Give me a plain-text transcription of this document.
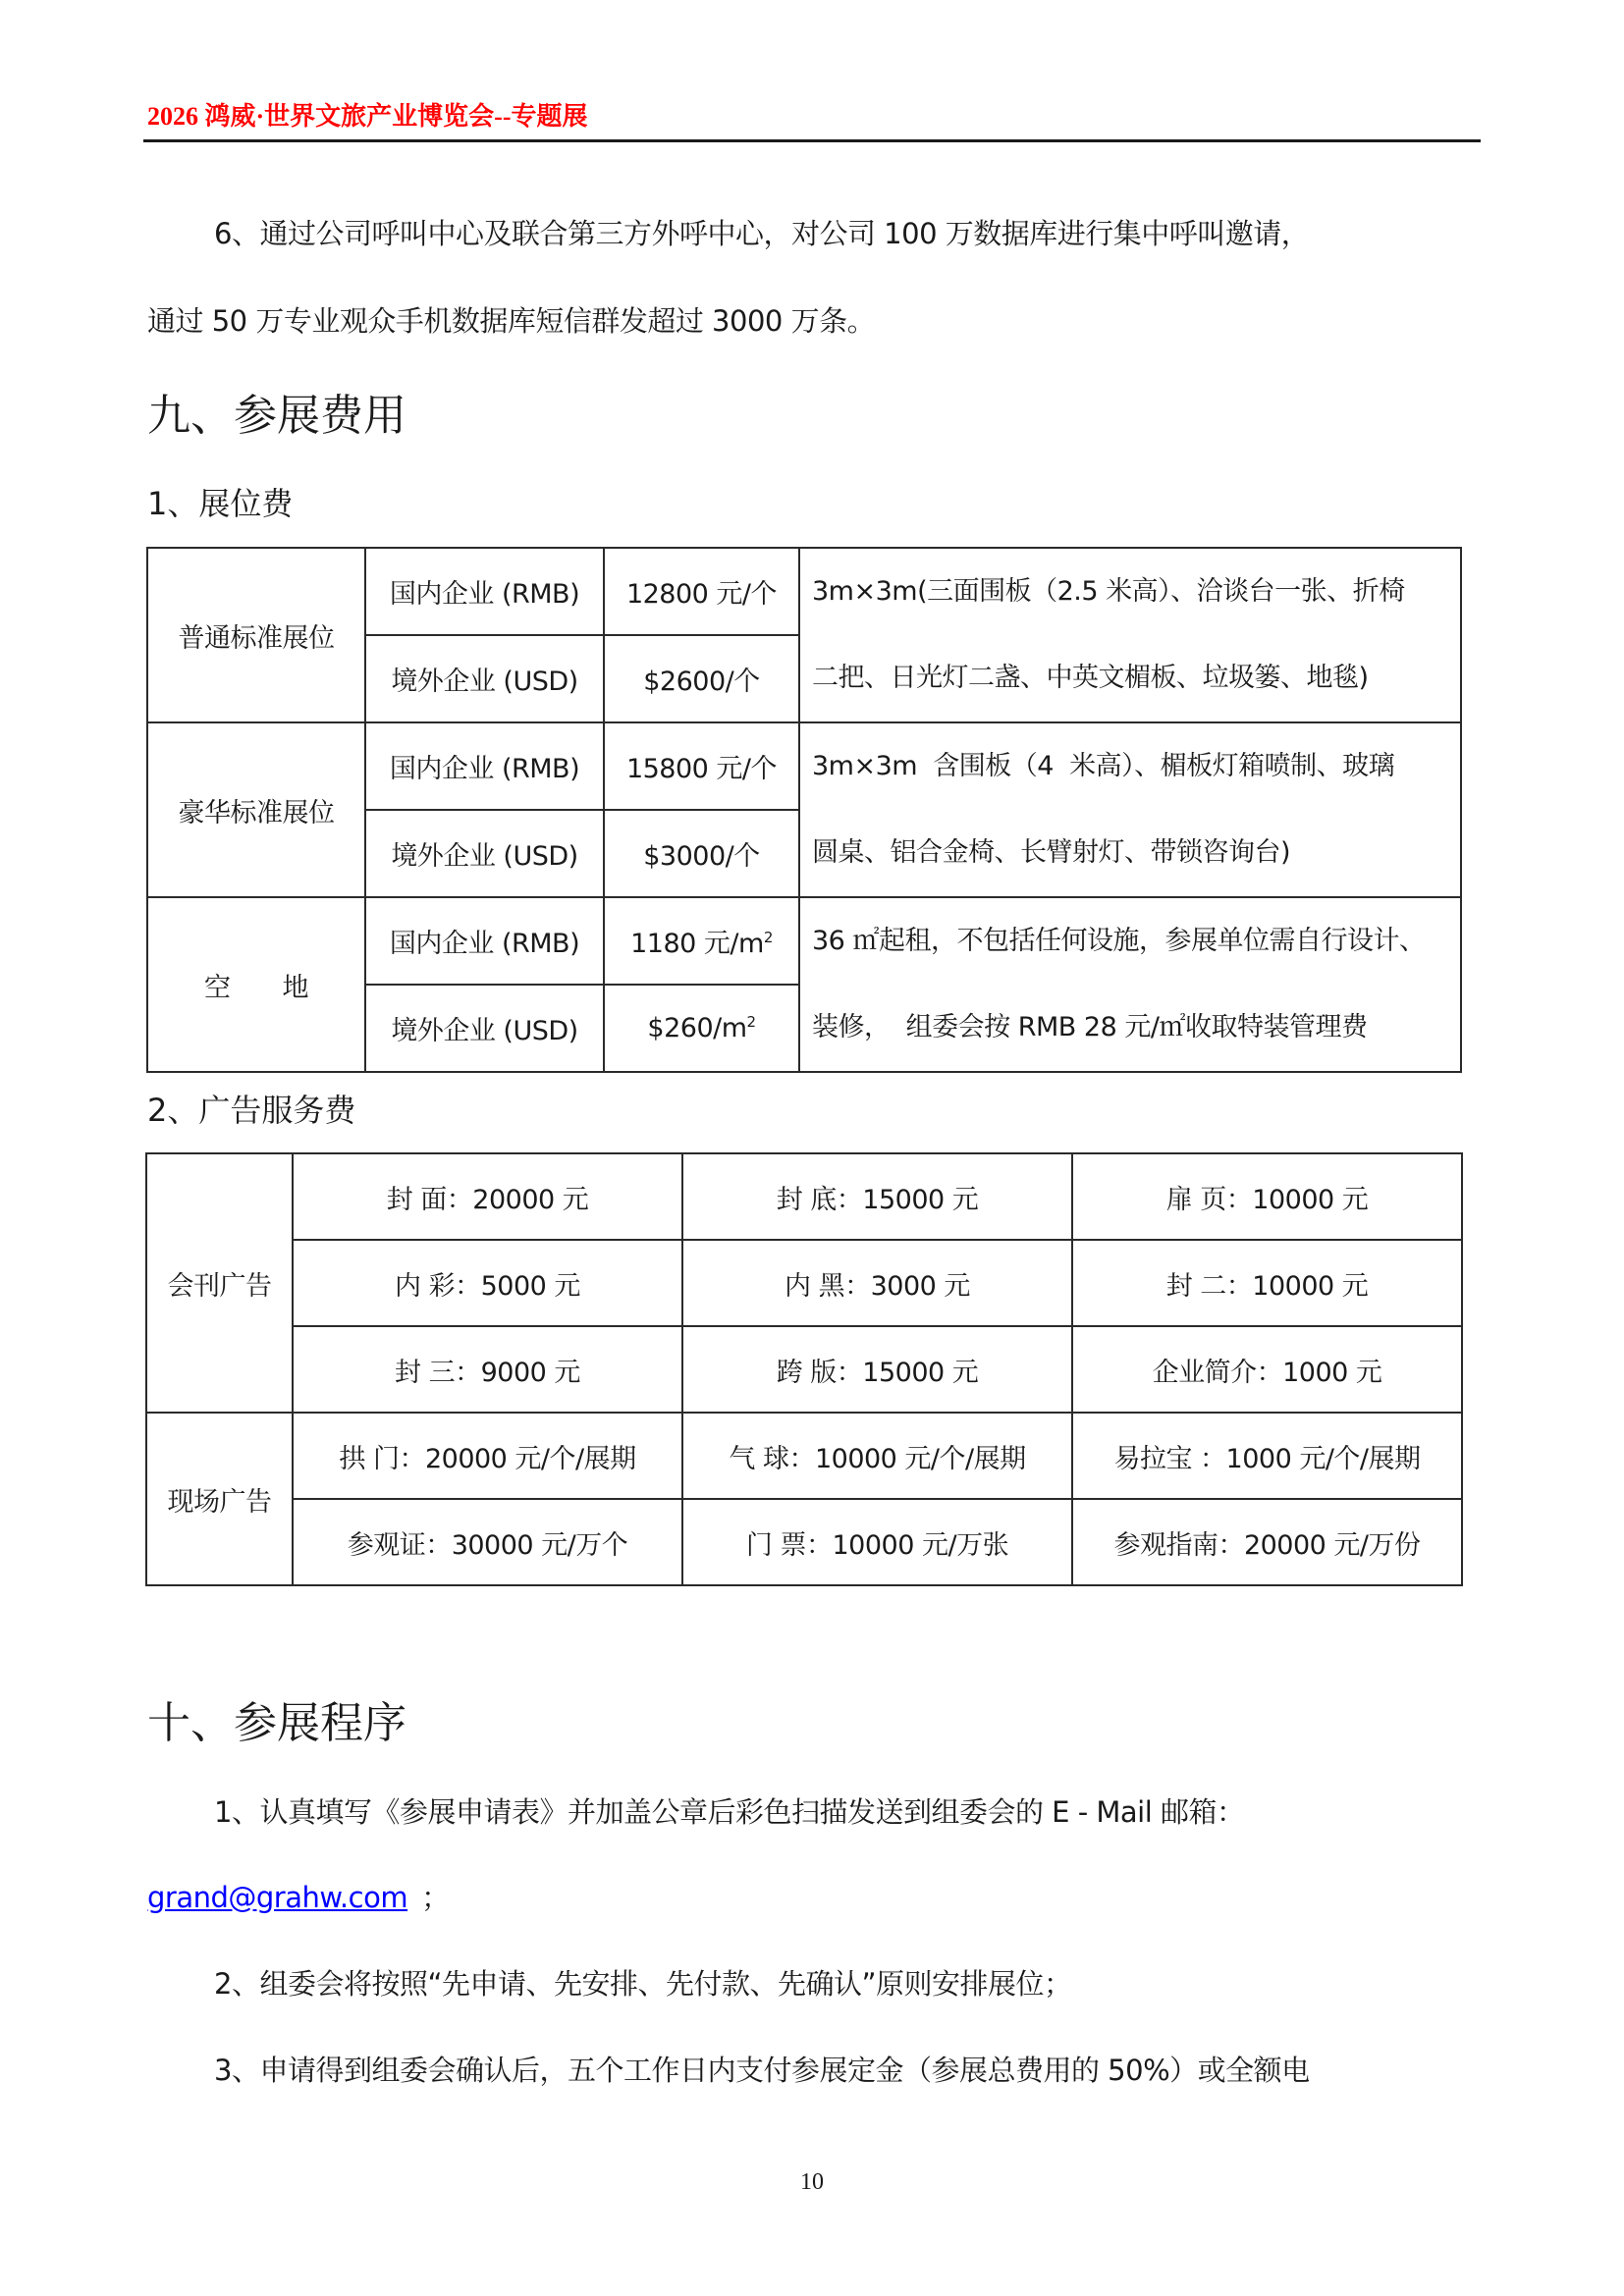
2026 鸿威·世界文旅产业博览会--专题展
6、通过公司呼叫中心及联合第三方外呼中心，对公司 100 万数据库进行集中呼叫邀请，
通过 50 万专业观众手机数据库短信群发超过 3000 万条。
九、参展费用
1、展位费
普通标准展位	国内企业 (RMB)	12800 元/个	3m×3m(三面围板（2.5 米高）、洽谈台一张、折椅
二把、日光灯二盏、中英文楣板、垃圾篓、地毯)

	境外企业 (USD)	$2600/个	
豪华标准展位	国内企业 (RMB)	15800 元/个	3m×3m  含围板（4  米高）、楣板灯箱喷制、玻璃
圆桌、铝合金椅、长臂射灯、带锁咨询台)

	境外企业 (USD)	$3000/个	
空　　地	国内企业 (RMB)	1180 元$/m^2$	36 ㎡起租，不包括任何设施，参展单位需自行设计、
装修，  组委会按 RMB 28 元/㎡收取特装管理费

	境外企业 (USD)	$\$260/m^2$
2、广告服务费
会刊广告	封 面：20000 元	封 底：15000 元	扉 页：10000 元
	内 彩：5000 元	内 黑：3000 元	封 二：10000 元
	封 三：9000 元	跨 版：15000 元	企业简介：1000 元
现场广告	拱 门：20000 元/个/展期	气 球：10000 元/个/展期	易拉宝 ：1000 元/个/展期
	参观证：30000 元/万个	门 票：10000 元/万张	参观指南：20000 元/万份
十、参展程序
1、认真填写《参展申请表》并加盖公章后彩色扫描发送到组委会的 E - Mail 邮箱：
grand@grahw.com ；
2、组委会将按照“先申请、先安排、先付款、先确认”原则安排展位；
3、申请得到组委会确认后，五个工作日内支付参展定金（参展总费用的 50%）或全额电
10
